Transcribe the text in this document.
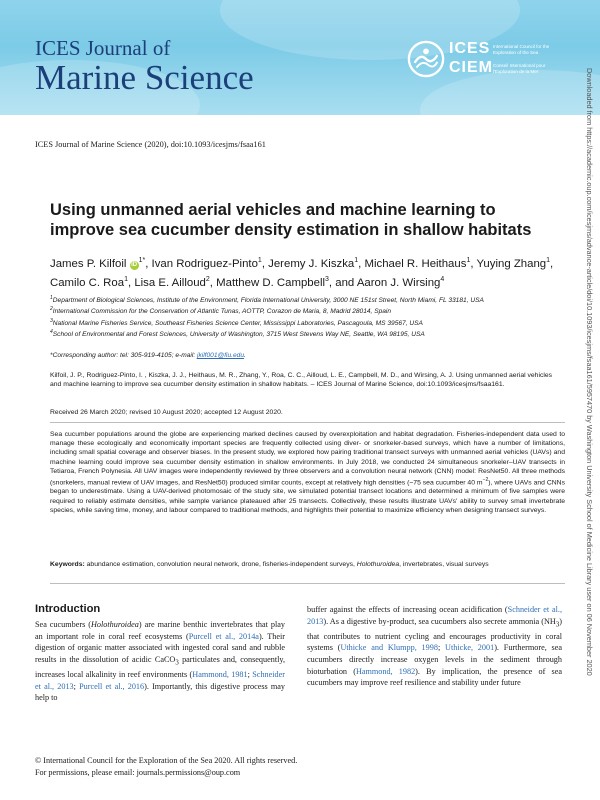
ICES Journal of
Marine Science
ICES
CIEM
International Council for the Exploration of the Sea
Conseil International pour l'Exploration de la Mer
ICES Journal of Marine Science (2020), doi:10.1093/icesjms/fsaa161	Downloaded from https://academic.oup.com/icesjms/advance-article/doi/10.1093/icesjms/fsaa161/5957470 by Washington University School of Medicine Library user on 06 November 2020
Using unmanned aerial vehicles and machine learning to improve sea cucumber density estimation in shallow habitats
James P. Kilfoil $iD^{1*}$, Ivan Rodriguez-Pinto$^1$, Jeremy J. Kiszka$^1$, Michael R. Heithaus$^1$, Yuying Zhang$^1$, Camilo C. Roa$^1$, Lisa E. Ailloud$^2$, Matthew D. Campbell$^3$, and Aaron J. Wirsing$^4$
$^1$Department of Biological Sciences, Institute of the Environment, Florida International University, 3000 NE 151st Street, North Miami, FL 33181, USA
$^2$International Commission for the Conservation of Atlantic Tunas, AOTTP, Corazon de Maria, 8, Madrid 28014, Spain
$^3$National Marine Fisheries Service, Southeast Fisheries Science Center, Mississippi Laboratories, Pascagoula, MS 39567, USA
$^4$School of Environmental and Forest Sciences, University of Washington, 3715 West Stevens Way NE, Seattle, WA 98195, USA
*Corresponding author: tel: 305-919-4105; e-mail: jkilf001@fiu.edu.
Kilfoil, J. P., Rodriguez-Pinto, I. , Kiszka, J. J., Heithaus, M. R., Zhang, Y., Roa, C. C., Ailloud, L. E., Campbell, M. D., and Wirsing, A. J. Using unmanned aerial vehicles and machine learning to improve sea cucumber density estimation in shallow habitats. – ICES Journal of Marine Science, doi:10.1093/icesjms/fsaa161.
Received 26 March 2020; revised 10 August 2020; accepted 12 August 2020.
Sea cucumber populations around the globe are experiencing marked declines caused by overexploitation and habitat degradation. Fisheries-independent data used to manage these ecologically and economically important species are frequently collected using diver- or snorkeler-based surveys, which have a number of limitations, including small spatial coverage and observer biases. In the present study, we explored how pairing traditional transect surveys with unmanned aerial vehicles (UAVs) and machine learning could improve sea cucumber density estimation in shallow environments. In July 2018, we conducted 24 simultaneous snorkeler–UAV transects in Tetiaroa, French Polynesia. All UAV images were independently reviewed by three observers and a convolution neural network (CNN) model: ResNet50. All three methods (snorkelers, manual review of UAV images, and ResNet50) produced similar counts, except at relatively high densities (~75 sea cucumber 40 $m^{-2}$), where UAVs and CNNs began to underestimate. Using a UAV-derived photomosaic of the study site, we simulated potential transect locations and determined a minimum of five samples were required to reliably estimate densities, while sample variance plateaued after 25 transects. Collectively, these results illustrate UAVs' ability to survey small invertebrate species, while saving time, money, and labour compared to traditional methods, and highlights their potential to maximize efficiency when designing transect surveys.
Keywords: abundance estimation, convolution neural network, drone, fisheries-independent surveys, Holothuroidea, invertebrates, visual surveys
Introduction
Sea cucumbers (Holothuroidea) are marine benthic invertebrates that play an important role in coral reef ecosystems (Purcell et al., 2014a). Their digestion of organic matter associated with ingested coral sand and rubble results in the dissolution of acidic CaCO$_3$ particulates and, consequently, increases local alkalinity in reef environments (Hammond, 1981; Schneider et al., 2013; Purcell et al., 2016). Importantly, this digestive process may help to
buffer against the effects of increasing ocean acidification (Schneider et al., 2013). As a digestive by-product, sea cucumbers also secrete ammonia $(NH_3)$ that contributes to nutrient cycling and encourages productivity in coral systems (Uthicke and Klumpp, 1998; Uthicke, 2001). Furthermore, sea cucumbers directly increase oxygen levels in the sediment through bioturbation (Hammond, 1982). By implication, the presence of sea cucumbers may improve reef resilience and stability under future
© International Council for the Exploration of the Sea 2020. All rights reserved.
For permissions, please email: journals.permissions@oup.com
